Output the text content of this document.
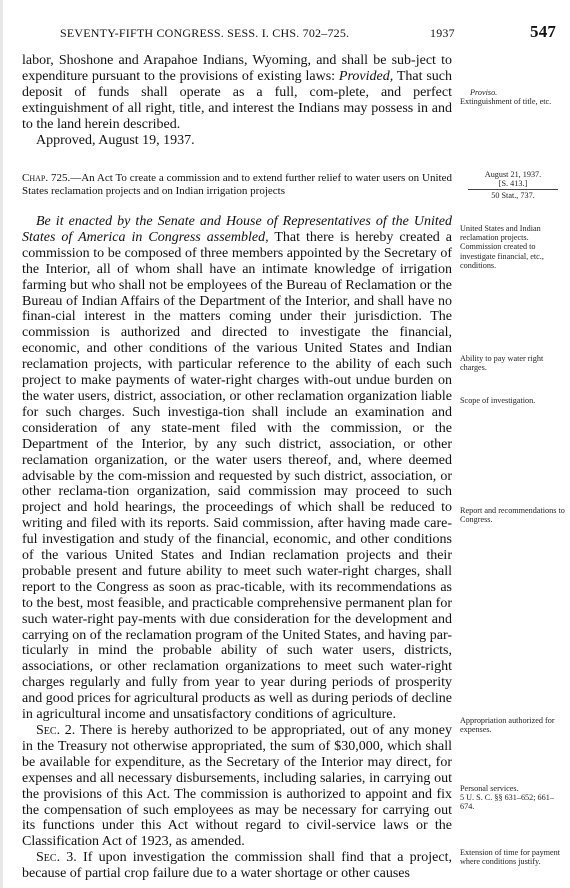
SEVENTY-FIFTH CONGRESS. SESS. I. CHS. 702–725.	1937	547

labor, Shoshone and Arapahoe Indians, Wyoming, and shall be sub-ject to expenditure pursuant to the provisions of existing laws: Provided, That such deposit of funds shall operate as a full, com-plete, and perfect extinguishment of all right, title, and interest the Indians may possess in and to the land herein described.

Approved, August 19, 1937.

Chap. 725.—An Act To create a commission and to extend further relief to water users on United States reclamation projects and on Indian irrigation projects

Be it enacted by the Senate and House of Representatives of the United States of America in Congress assembled, That there is hereby created a commission to be composed of three members appointed by the Secretary of the Interior, all of whom shall have an intimate knowledge of irrigation farming but who shall not be employees of the Bureau of Reclamation or the Bureau of Indian Affairs of the Department of the Interior, and shall have no finan-cial interest in the matters coming under their jurisdiction. The commission is authorized and directed to investigate the financial, economic, and other conditions of the various United States and Indian reclamation projects, with particular reference to the ability of each such project to make payments of water-right charges with-out undue burden on the water users, district, association, or other reclamation organization liable for such charges. Such investiga-tion shall include an examination and consideration of any state-ment filed with the commission, or the Department of the Interior, by any such district, association, or other reclamation organization, or the water users thereof, and, where deemed advisable by the com-mission and requested by such district, association, or other reclama-tion organization, said commission may proceed to such project and hold hearings, the proceedings of which shall be reduced to writing and filed with its reports. Said commission, after having made care-ful investigation and study of the financial, economic, and other conditions of the various United States and Indian reclamation projects and their probable present and future ability to meet such water-right charges, shall report to the Congress as soon as prac-ticable, with its recommendations as to the best, most feasible, and practicable comprehensive permanent plan for such water-right pay-ments with due consideration for the development and carrying on of the reclamation program of the United States, and having par-ticularly in mind the probable ability of such water users, districts, associations, or other reclamation organizations to meet such water-right charges regularly and fully from year to year during periods of prosperity and good prices for agricultural products as well as during periods of decline in agricultural income and unsatisfactory conditions of agriculture.

Sec. 2. There is hereby authorized to be appropriated, out of any money in the Treasury not otherwise appropriated, the sum of $30,000, which shall be available for expenditure, as the Secretary of the Interior may direct, for expenses and all necessary disbursements, including salaries, in carrying out the provisions of this Act. The commission is authorized to appoint and fix the compensation of such employees as may be necessary for carrying out its functions under this Act without regard to civil-service laws or the Classification Act of 1923, as amended.

Sec. 3. If upon investigation the commission shall find that a project, because of partial crop failure due to a water shortage or other causes

Proviso.
Extinguishment of title, etc.
August 21, 1937.
[S. 413.]
50 Stat., 737.
United States and Indian reclamation projects.
Commission created to investigate financial, etc., conditions.
Ability to pay water right charges.
Scope of investigation.
Report and recommendations to Congress.
Appropriation authorized for expenses.
Personal services.
5 U. S. C. §§ 631–652; 661–674.
Extension of time for payment where conditions justify.
